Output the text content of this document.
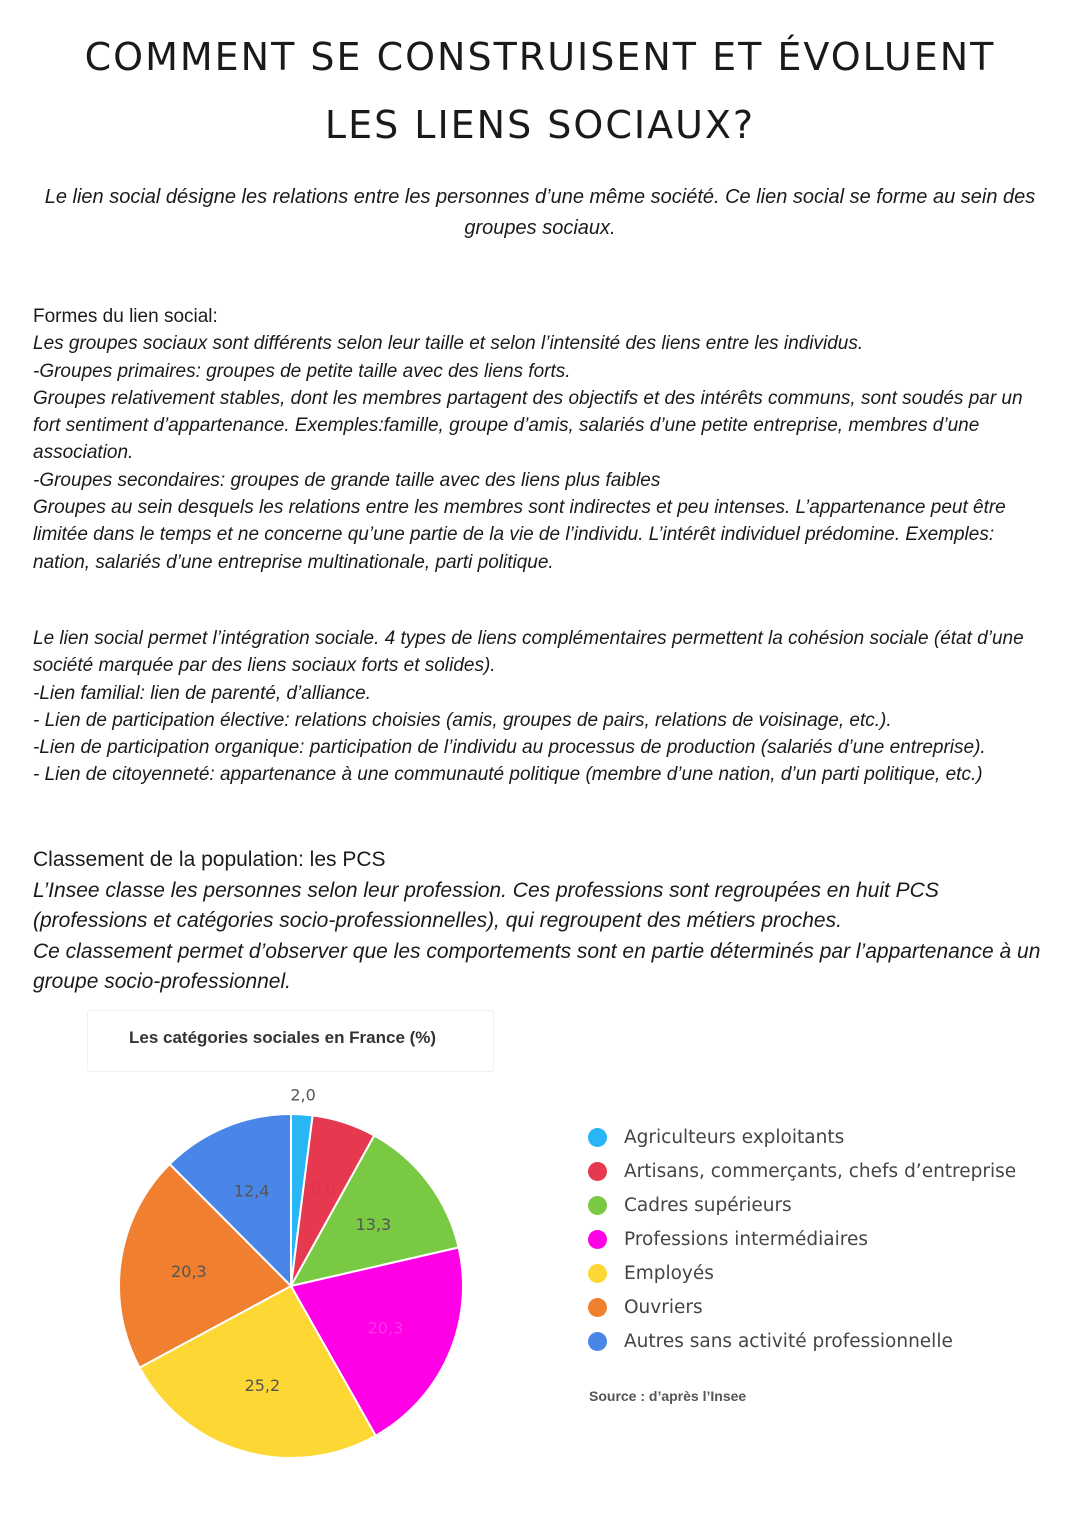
COMMENT SE CONSTRUISENT ET ÉVOLUENT
LES LIENS SOCIAUX?
Le lien social désigne les relations entre les personnes d’une même société. Ce lien social se forme au sein des groupes sociaux.

Formes du lien social:

Les groupes sociaux sont différents selon leur taille et selon l’intensité des liens entre les individus.

-Groupes primaires: groupes de petite taille avec des liens forts.

Groupes relativement stables, dont les membres partagent des objectifs et des intérêts communs, sont soudés par un fort sentiment d’appartenance. Exemples:famille, groupe d’amis, salariés d’une petite entreprise, membres d’une association.

-Groupes secondaires: groupes de grande taille avec des liens plus faibles

Groupes au sein desquels les relations entre les membres sont indirectes et peu intenses. L’appartenance peut être limitée dans le temps et ne concerne qu’une partie de la vie de l’individu. L’intérêt individuel prédomine. Exemples: nation, salariés d’une entreprise multinationale, parti politique.

Le lien social permet l’intégration sociale. 4 types de liens complémentaires permettent la cohésion sociale (état d’une société marquée par des liens sociaux forts et solides).

-Lien familial: lien de parenté, d’alliance.

- Lien de participation élective: relations choisies (amis, groupes de pairs, relations de voisinage, etc.).

-Lien de participation organique: participation de l’individu au processus de production (salariés d’une entreprise).

- Lien de citoyenneté: appartenance à une communauté politique (membre d’une nation, d’un parti politique, etc.)

Classement de la population: les PCS

L’Insee classe les personnes selon leur profession. Ces professions sont regroupées en huit PCS (professions et catégories socio-professionnelles), qui regroupent des métiers proches.

Ce classement permet d’observer que les comportements sont en partie déterminés par l’appartenance à un groupe socio-professionnel.

Les catégories sociales en France (%)
2,0
6,0
13,3
20,3
25,2
20,3
12,4
Agriculteurs exploitants
Artisans, commerçants, chefs d’entreprise
Cadres supérieurs
Professions intermédiaires
Employés
Ouvriers
Autres sans activité professionnelle
Source : d’après l’Insee
